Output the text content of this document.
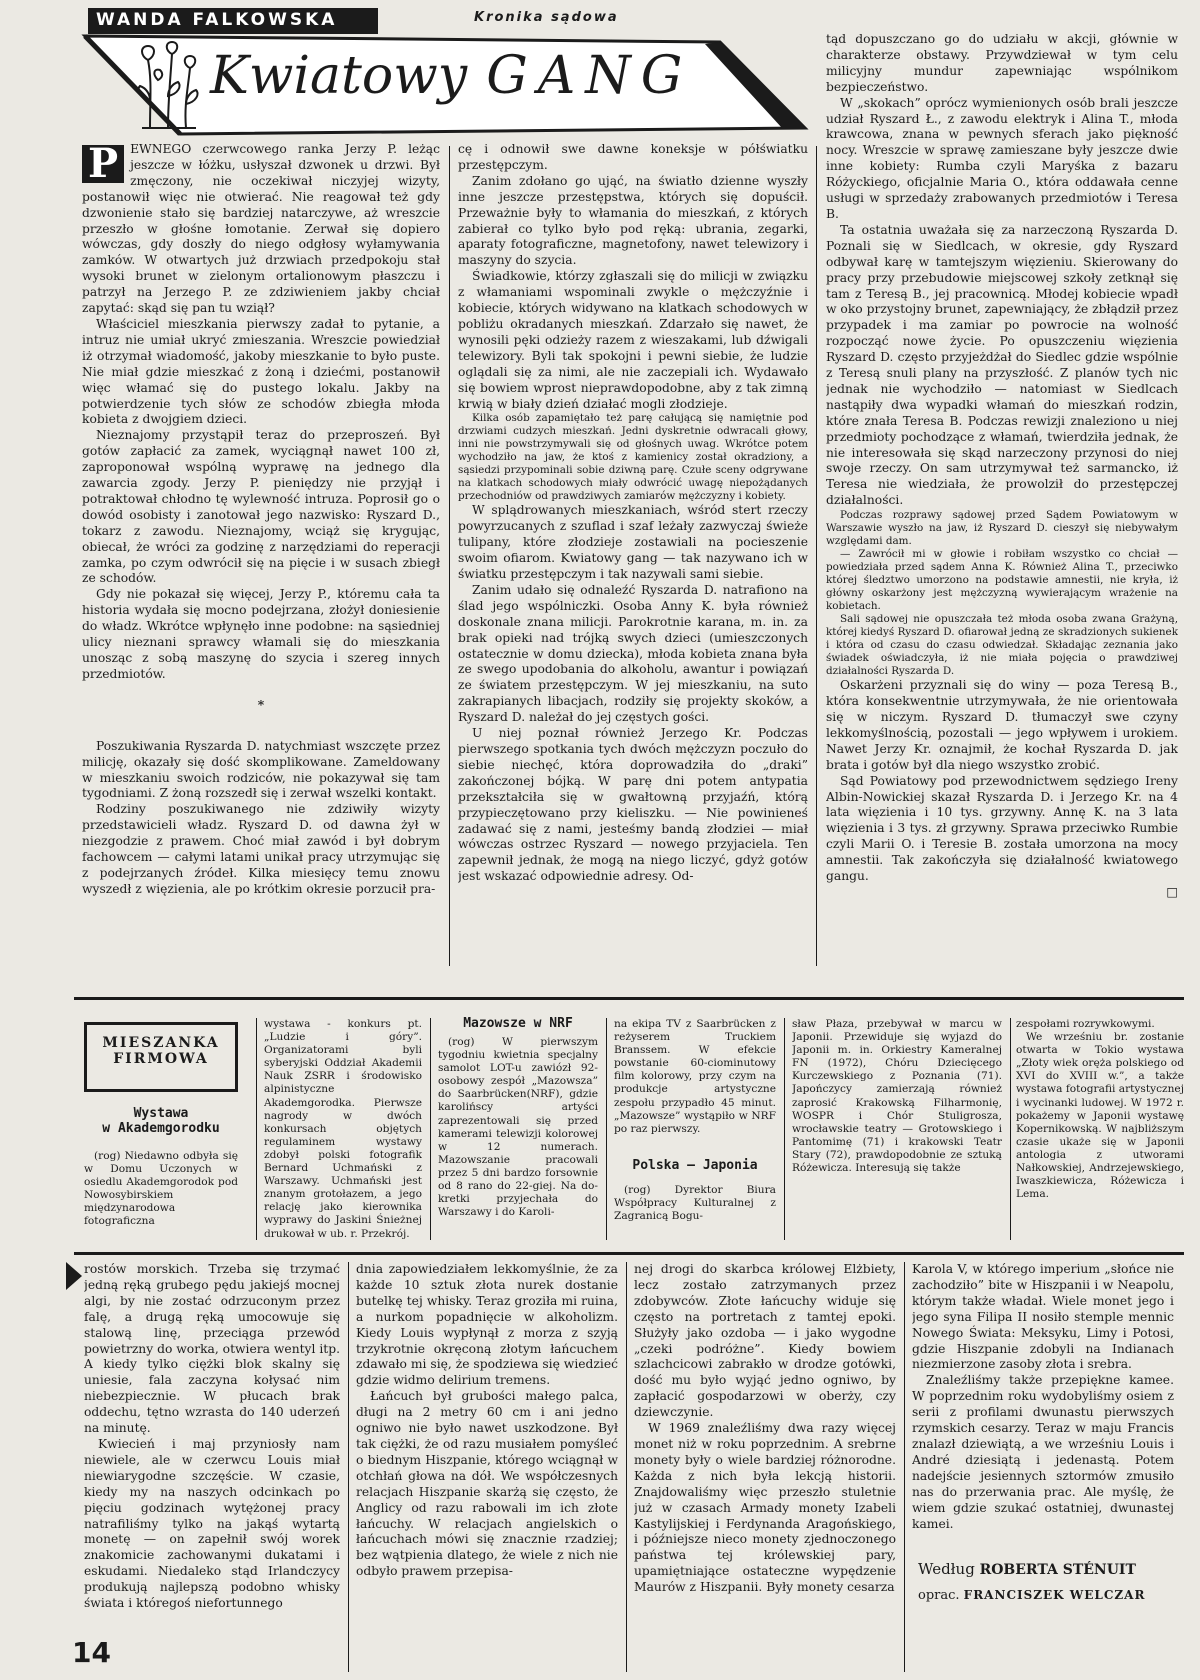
WANDA FALKOWSKA	Kronika sądowa
Kwiatowy GANG

P EWNEGO czerwcowego ranka Jerzy P. leżąc jeszcze w łóżku, usłyszał dzwonek u drzwi. Był zmęczony, nie oczekiwał niczyjej wizyty, postanowił więc nie otwierać. Nie reagował też gdy dzwonienie stało się bardziej natarczywe, aż wreszcie przeszło w głośne łomotanie. Zerwał się dopiero wówczas, gdy doszły do niego odgłosy wyłamywania zamków. W otwartych już drzwiach przedpokoju stał wysoki brunet w zielonym ortalionowym płaszczu i patrzył na Jerzego P. ze zdziwieniem jakby chciał zapytać: skąd się pan tu wziął?

Właściciel mieszkania pierwszy zadał to pytanie, a intruz nie umiał ukryć zmieszania. Wreszcie powiedział iż otrzymał wiadomość, jakoby mieszkanie to było puste. Nie miał gdzie mieszkać z żoną i dziećmi, postanowił więc włamać się do pustego lokalu. Jakby na potwierdzenie tych słów ze schodów zbiegła młoda kobieta z dwojgiem dzieci.

Nieznajomy przystąpił teraz do przeproszeń. Był gotów zapłacić za zamek, wyciągnął nawet 100 zł, zaproponował wspólną wyprawę na jednego dla zawarcia zgody. Jerzy P. pieniędzy nie przyjął i potraktował chłodno tę wylewność intruza. Poprosił go o dowód osobisty i zanotował jego nazwisko: Ryszard D., tokarz z zawodu. Nieznajomy, wciąż się krygując, obiecał, że wróci za godzinę z narzędziami do reperacji zamka, po czym odwrócił się na pięcie i w susach zbiegł ze schodów.

Gdy nie pokazał się więcej, Jerzy P., któremu cała ta historia wydała się mocno podejrzana, złożył doniesienie do władz. Wkrótce wpłynęło inne podobne: na sąsiedniej ulicy nieznani sprawcy włamali się do mieszkania unosząc z sobą maszynę do szycia i szereg innych przedmiotów.

*

Poszukiwania Ryszarda D. natychmiast wszczęte przez milicję, okazały się dość skomplikowane. Zameldowany w mieszkaniu swoich rodziców, nie pokazywał się tam tygodniami. Z żoną rozszedł się i zerwał wszelki kontakt.

Rodziny poszukiwanego nie zdziwiły wizyty przedstawicieli władz. Ryszard D. od dawna żył w niezgodzie z prawem. Choć miał zawód i był dobrym fachowcem — całymi latami unikał pracy utrzymując się z podejrzanych źródeł. Kilka miesięcy temu znowu wyszedł z więzienia, ale po krótkim okresie porzucił pra-

cę i odnowił swe dawne koneksje w półświatku przestępczym.

Zanim zdołano go ująć, na światło dzienne wyszły inne jeszcze przestępstwa, których się dopuścił. Przeważnie były to włamania do mieszkań, z których zabierał co tylko było pod ręką: ubrania, zegarki, aparaty fotograficzne, magnetofony, nawet telewizory i maszyny do szycia.

Świadkowie, którzy zgłaszali się do milicji w związku z włamaniami wspominali zwykle o mężczyźnie i kobiecie, których widywano na klatkach schodowych w pobliżu okradanych mieszkań. Zdarzało się nawet, że wynosili pęki odzieży razem z wieszakami, lub dźwigali telewizory. Byli tak spokojni i pewni siebie, że ludzie oglądali się za nimi, ale nie zaczepiali ich. Wydawało się bowiem wprost nieprawdopodobne, aby z tak zimną krwią w biały dzień działać mogli złodzieje.

Kilka osób zapamiętało też parę całującą się namiętnie pod drzwiami cudzych mieszkań. Jedni dyskretnie odwracali głowy, inni nie powstrzymywali się od głośnych uwag. Wkrótce potem wychodziło na jaw, że ktoś z kamienicy został okradziony, a sąsiedzi przypominali sobie dziwną parę. Czułe sceny odgrywane na klatkach schodowych miały odwrócić uwagę niepożądanych przechodniów od prawdziwych zamiarów mężczyzny i kobiety.

W splądrowanych mieszkaniach, wśród stert rzeczy powyrzucanych z szuflad i szaf leżały zazwyczaj świeże tulipany, które złodzieje zostawiali na pocieszenie swoim ofiarom. Kwiatowy gang — tak nazywano ich w światku przestępczym i tak nazywali sami siebie.

Zanim udało się odnaleźć Ryszarda D. natrafiono na ślad jego wspólniczki. Osoba Anny K. była również doskonale znana milicji. Parokrotnie karana, m. in. za brak opieki nad trójką swych dzieci (umieszczonych ostatecznie w domu dziecka), młoda kobieta znana była ze swego upodobania do alkoholu, awantur i powiązań ze światem przestępczym. W jej mieszkaniu, na suto zakrapianych libacjach, rodziły się projekty skoków, a Ryszard D. należał do jej częstych gości.

U niej poznał również Jerzego Kr. Podczas pierwszego spotkania tych dwóch mężczyzn poczuło do siebie niechęć, która doprowadziła do „draki” zakończonej bójką. W parę dni potem antypatia przekształciła się w gwałtowną przyjaźń, którą przypieczętowano przy kieliszku. — Nie powinieneś zadawać się z nami, jesteśmy bandą złodziei — miał wówczas ostrzec Ryszard — nowego przyjaciela. Ten zapewnił jednak, że mogą na niego liczyć, gdyż gotów jest wskazać odpowiednie adresy. Od-

tąd dopuszczano go do udziału w akcji, głównie w charakterze obstawy. Przywdziewał w tym celu milicyjny mundur zapewniając wspólnikom bezpieczeństwo.

W „skokach” oprócz wymienionych osób brali jeszcze udział Ryszard Ł., z zawodu elektryk i Alina T., młoda krawcowa, znana w pewnych sferach jako piękność nocy. Wreszcie w sprawę zamieszane były jeszcze dwie inne kobiety: Rumba czyli Maryśka z bazaru Różyckiego, oficjalnie Maria O., która oddawała cenne usługi w sprzedaży zrabowanych przedmiotów i Teresa B.

Ta ostatnia uważała się za narzeczoną Ryszarda D. Poznali się w Siedlcach, w okresie, gdy Ryszard odbywał karę w tamtejszym więzieniu. Skierowany do pracy przy przebudowie miejscowej szkoły zetknął się tam z Teresą B., jej pracownicą. Młodej kobiecie wpadł w oko przystojny brunet, zapewniający, że zbłądził przez przypadek i ma zamiar po powrocie na wolność rozpocząć nowe życie. Po opuszczeniu więzienia Ryszard D. często przyjeżdżał do Siedlec gdzie wspólnie z Teresą snuli plany na przyszłość. Z planów tych nic jednak nie wychodziło — natomiast w Siedlcach nastąpiły dwa wypadki włamań do mieszkań rodzin, które znała Teresa B. Podczas rewizji znaleziono u niej przedmioty pochodzące z włamań, twierdziła jednak, że nie interesowała się skąd narzeczony przynosi do niej swoje rzeczy. On sam utrzymywał też sarmancko, iż Teresa nie wiedziała, że prowolził do przestępczej działalności.

Podczas rozprawy sądowej przed Sądem Powiatowym w Warszawie wyszło na jaw, iż Ryszard D. cieszył się niebywałym względami dam.

— Zawrócił mi w głowie i robiłam wszystko co chciał — powiedziała przed sądem Anna K. Również Alina T., przeciwko której śledztwo umorzono na podstawie amnestii, nie kryła, iż główny oskarżony jest mężczyzną wywierającym wrażenie na kobietach.

Sali sądowej nie opuszczała też młoda osoba zwana Grażyną, której kiedyś Ryszard D. ofiarował jedną ze skradzionych sukienek i która od czasu do czasu odwiedzał. Składając zeznania jako świadek oświadczyła, iż nie miała pojęcia o prawdziwej działalności Ryszarda D.

Oskarżeni przyznali się do winy — poza Teresą B., która konsekwentnie utrzymywała, że nie orientowała się w niczym. Ryszard D. tłumaczył swe czyny lekkomyślnością, pozostali — jego wpływem i urokiem. Nawet Jerzy Kr. oznajmił, że kochał Ryszarda D. jak brata i gotów był dla niego wszystko zrobić.

Sąd Powiatowy pod przewodnictwem sędziego Ireny Albin-Nowickiej skazał Ryszarda D. i Jerzego Kr. na 4 lata więzienia i 10 tys. grzywny. Annę K. na 3 lata więzienia i 3 tys. zł grzywny. Sprawa przeciwko Rumbie czyli Marii O. i Teresie B. została umorzona na mocy amnestii. Tak zakończyła się działalność kwiatowego gangu.

□

MIESZANKA
FIRMOWA
Wystawa
w Akademgorodku

(rog) Niedawno odbyła się w Domu Uczonych w osiedlu Akademgorodok pod Nowosybirskiem międzynarodowa fotograficzna

wystawa - konkurs pt. „Ludzie i góry”. Organizatorami byli syberyjski Oddział Akademii Nauk ZSRR i środowisko alpinistyczne Akademgorodka. Pierwsze nagrody w dwóch konkursach objętych regulaminem wystawy zdobył polski fotografik Bernard Uchmański z Warszawy. Uchmański jest znanym grotołazem, a jego relację jako kierownika wyprawy do Jaskini Śnieżnej drukował w ub. r. Przekrój.

Mazowsze w NRF

(rog) W pierwszym tygodniu kwietnia specjalny samolot LOT-u zawiózł 92-osobowy zespół „Mazowsza” do Saarbrücken(NRF), gdzie karolińscy artyści zaprezentowali się przed kamerami telewizji kolorowej w 12 numerach. Mazowszanie pracowali przez 5 dni bardzo forsownie od 8 rano do 22-giej. Na do- kretki przyjechała do Warszawy i do Karoli-

na ekipa TV z Saarbrücken z reżyserem Truckiem Branssem. W efekcie powstanie 60-ciominutowy film kolorowy, przy czym na produkcje artystyczne zespołu przypadło 45 minut. „Mazowsze” wystąpiło w NRF po raz pierwszy.

Polska — Japonia

(rog) Dyrektor Biura Współpracy Kulturalnej z Zagranicą Bogu-

sław Płaza, przebywał w marcu w Japonii. Przewiduje się wyjazd do Japonii m. in. Orkiestry Kameralnej FN (1972), Chóru Dziecięcego Kurczewskiego z Poznania (71). Japończycy zamierzają również zaprosić Krakowską Filharmonię, WOSPR i Chór Stuligrosza, wrocławskie teatry — Grotowskiego i Pantomimę (71) i krakowski Teatr Stary (72), prawdopodobnie ze sztuką Różewicza. Interesują się także

zespołami rozrywkowymi.

We wrześniu br. zostanie otwarta w Tokio wystawa „Złoty wiek oręża polskiego od XVI do XVIII w.”, a także wystawa fotografii artystycznej i wycinanki ludowej. W 1972 r. pokażemy w Japonii wystawę Kopernikowską. W najbliższym czasie ukaże się w Japonii antologia z utworami Nałkowskiej, Andrzejewskiego, Iwaszkiewicza, Różewicza i Lema.

rostów morskich. Trzeba się trzymać jedną ręką grubego pędu jakiejś mocnej algi, by nie zostać odrzuconym przez falę, a drugą ręką umocowuje się stalową linę, przeciąga przewód powietrzny do worka, otwiera wentyl itp. A kiedy tylko ciężki blok skalny się uniesie, fala zaczyna kołysać nim niebezpiecznie. W płucach brak oddechu, tętno wzrasta do 140 uderzeń na minutę.

Kwiecień i maj przyniosły nam niewiele, ale w czerwcu Louis miał niewiarygodne szczęście. W czasie, kiedy my na naszych odcinkach po pięciu godzinach wytężonej pracy natrafiliśmy tylko na jakąś wytartą monetę — on zapełnił swój worek znakomicie zachowanymi dukatami i eskudami. Niedaleko stąd Irlandczycy produkują najlepszą podobno whisky świata i któregoś niefortunnego

dnia zapowiedziałem lekkomyślnie, że za każde 10 sztuk złota nurek dostanie butelkę tej whisky. Teraz groziła mi ruina, a nurkom popadnięcie w alkoholizm. Kiedy Louis wypłynął z morza z szyją trzykrotnie okręconą złotym łańcuchem zdawało mi się, że spodziewa się wiedzieć gdzie widmo delirium tremens.

Łańcuch był grubości małego palca, długi na 2 metry 60 cm i ani jedno ogniwo nie było nawet uszkodzone. Był tak ciężki, że od razu musiałem pomyśleć o biednym Hiszpanie, którego wciągnął w otchłań głowa na dół. We współczesnych relacjach Hiszpanie skarżą się często, że Anglicy od razu rabowali im ich złote łańcuchy. W relacjach angielskich o łańcuchach mówi się znacznie rzadziej; bez wątpienia dlatego, że wiele z nich nie odbyło prawem przepisa-

nej drogi do skarbca królowej Elżbiety, lecz zostało zatrzymanych przez zdobywców. Złote łańcuchy widuje się często na portretach z tamtej epoki. Służyły jako ozdoba — i jako wygodne „czeki podróżne”. Kiedy bowiem szlachcicowi zabrakło w drodze gotówki, dość mu było wyjąć jedno ogniwo, by zapłacić gospodarzowi w oberży, czy dziewczynie.

W 1969 znaleźliśmy dwa razy więcej monet niż w roku poprzednim. A srebrne monety były o wiele bardziej różnorodne. Każda z nich była lekcją historii. Znajdowaliśmy więc przeszło stuletnie już w czasach Armady monety Izabeli Kastylijskiej i Ferdynanda Aragońskiego, i późniejsze nieco monety zjednoczonego państwa tej królewskiej pary, upamiętniające ostateczne wypędzenie Maurów z Hiszpanii. Były monety cesarza

Karola V, w którego imperium „słońce nie zachodziło” bite w Hiszpanii i w Neapolu, którym także władał. Wiele monet jego i jego syna Filipa II nosiło stemple mennic Nowego Świata: Meksyku, Limy i Potosi, gdzie Hiszpanie zdobyli na Indianach niezmierzone zasoby złota i srebra.

Znaleźliśmy także przepiękne kamee. W poprzednim roku wydobyliśmy osiem z serii z profilami dwunastu pierwszych rzymskich cesarzy. Teraz w maju Francis znalazł dziewiątą, a we wrześniu Louis i André dziesiątą i jedenastą. Potem nadejście jesiennych sztormów zmusiło nas do przerwania prac. Ale myślę, że wiem gdzie szukać ostatniej, dwunastej kamei.

Według ROBERTA STÉNUIT
oprac. FRANCISZEK WELCZAR
14
